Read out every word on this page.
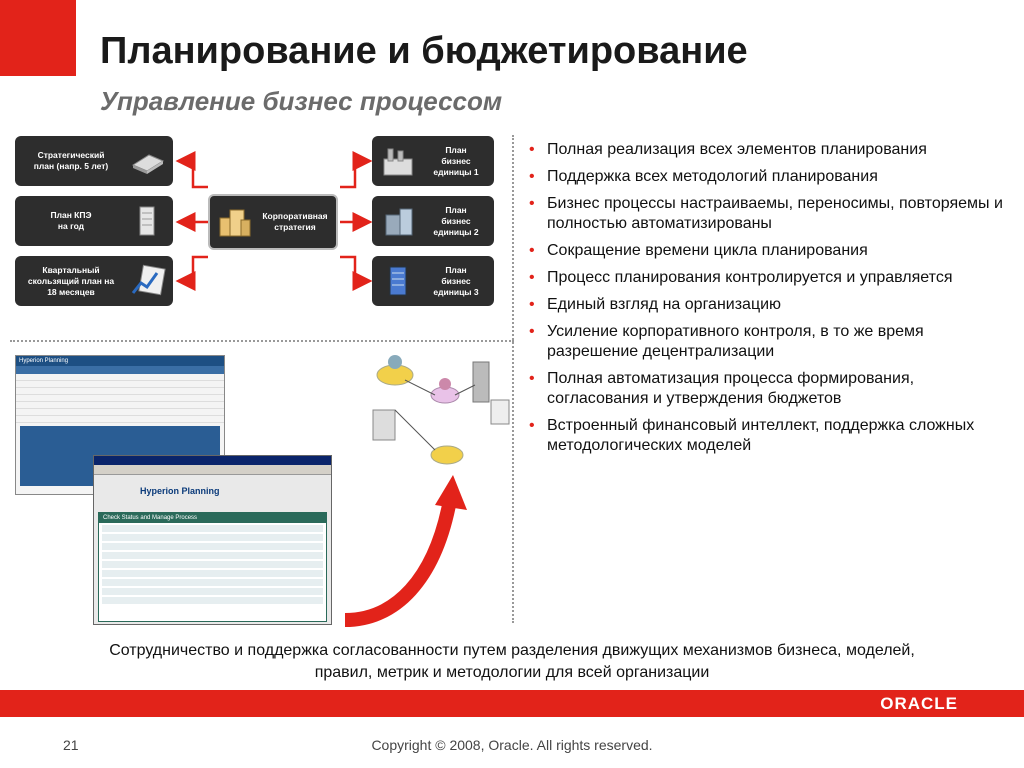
Планирование и бюджетирование
Управление бизнес процессом
Стратегический
план (напр. 5 лет)
План КПЭ
на год
Квартальный
скользящий план на
18 месяцев
Корпоративная
стратегия
План
бизнес
единицы 1
План
бизнес
единицы 2
План
бизнес
единицы 3
Hyperion Planning
Hyperion Planning
Check Status and Manage Process
• Полная реализация всех элементов планирования
• Поддержка всех методологий планирования
• Бизнес процессы настраиваемы, переносимы, повторяемы и полностью автоматизированы
• Сокращение времени цикла планирования
• Процесс планирования контролируется и управляется
• Единый взгляд на организацию
• Усиление корпоративного контроля, в то же время разрешение децентрализации
• Полная автоматизация процесса формирования, согласования и утверждения бюджетов
• Встроенный финансовый интеллект, поддержка сложных методологических моделей
Сотрудничество и поддержка согласованности путем разделения движущих механизмов бизнеса, моделей, правил, метрик и методологии для всей организации
ORACLE
Copyright © 2008, Oracle. All rights reserved.
21
